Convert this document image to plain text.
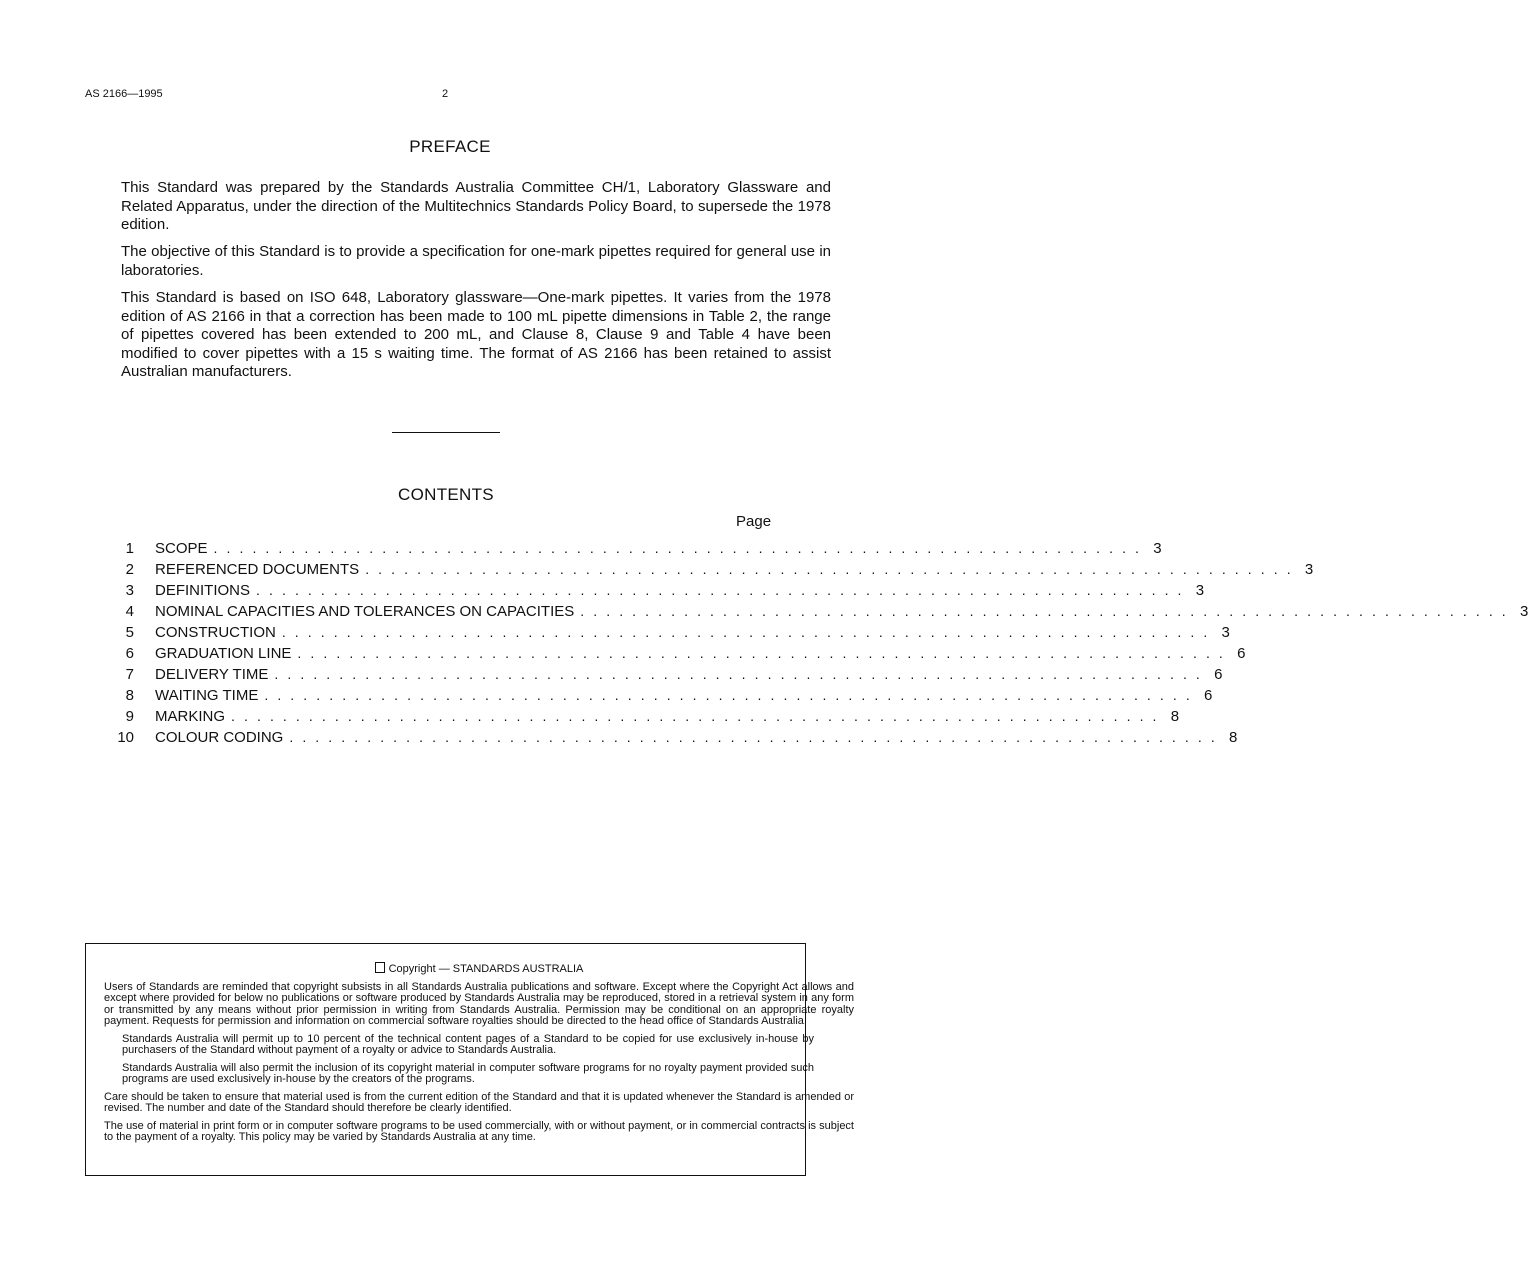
AS 2166—1995	2
PREFACE

This Standard was prepared by the Standards Australia Committee CH/1, Laboratory Glassware and Related Apparatus, under the direction of the Multitechnics Standards Policy Board, to supersede the 1978 edition.

The objective of this Standard is to provide a specification for one-mark pipettes required for general use in laboratories.

This Standard is based on ISO 648, Laboratory glassware—One-mark pipettes. It varies from the 1978 edition of AS 2166 in that a correction has been made to 100 mL pipette dimensions in Table 2, the range of pipettes covered has been extended to 200 mL, and Clause 8, Clause 9 and Table 4 have been modified to cover pipettes with a 15 s waiting time. The format of AS 2166 has been retained to assist Australian manufacturers.

CONTENTS
Page
1 SCOPE . . . . . . . . . . . . . . . . . . . . . . . . . . . . . . . . . . . . . . . . . . . . . . . . . . . . . . . . . . . . . . . . . . . . . . . . 3
2 REFERENCED DOCUMENTS . . . . . . . . . . . . . . . . . . . . . . . . . . . . . . . . . . . . . . . . . . . . . . . . . . . . . . . . . . . . . . . . . . . . . . . . 3
3 DEFINITIONS . . . . . . . . . . . . . . . . . . . . . . . . . . . . . . . . . . . . . . . . . . . . . . . . . . . . . . . . . . . . . . . . . . . . . . . . 3
4 NOMINAL CAPACITIES AND TOLERANCES ON CAPACITIES . . . . . . . . . . . . . . . . . . . . . . . . . . . . . . . . . . . . . . . . . . . . . . . . . . . . . . . . . . . . . . . . . . . . . . . . 3
5 CONSTRUCTION . . . . . . . . . . . . . . . . . . . . . . . . . . . . . . . . . . . . . . . . . . . . . . . . . . . . . . . . . . . . . . . . . . . . . . . . 3
6 GRADUATION LINE . . . . . . . . . . . . . . . . . . . . . . . . . . . . . . . . . . . . . . . . . . . . . . . . . . . . . . . . . . . . . . . . . . . . . . . . 6
7 DELIVERY TIME . . . . . . . . . . . . . . . . . . . . . . . . . . . . . . . . . . . . . . . . . . . . . . . . . . . . . . . . . . . . . . . . . . . . . . . . 6
8 WAITING TIME . . . . . . . . . . . . . . . . . . . . . . . . . . . . . . . . . . . . . . . . . . . . . . . . . . . . . . . . . . . . . . . . . . . . . . . . 6
9 MARKING . . . . . . . . . . . . . . . . . . . . . . . . . . . . . . . . . . . . . . . . . . . . . . . . . . . . . . . . . . . . . . . . . . . . . . . . 8
10 COLOUR CODING . . . . . . . . . . . . . . . . . . . . . . . . . . . . . . . . . . . . . . . . . . . . . . . . . . . . . . . . . . . . . . . . . . . . . . . . 8
Copyright — STANDARDS AUSTRALIA

Users of Standards are reminded that copyright subsists in all Standards Australia publications and software. Except where the Copyright Act allows and except where provided for below no publications or software produced by Standards Australia may be reproduced, stored in a retrieval system in any form or transmitted by any means without prior permission in writing from Standards Australia. Permission may be conditional on an appropriate royalty payment. Requests for permission and information on commercial software royalties should be directed to the head office of Standards Australia.

Standards Australia will permit up to 10 percent of the technical content pages of a Standard to be copied for use exclusively in-house by purchasers of the Standard without payment of a royalty or advice to Standards Australia.

Standards Australia will also permit the inclusion of its copyright material in computer software programs for no royalty payment provided such programs are used exclusively in-house by the creators of the programs.

Care should be taken to ensure that material used is from the current edition of the Standard and that it is updated whenever the Standard is amended or revised. The number and date of the Standard should therefore be clearly identified.

The use of material in print form or in computer software programs to be used commercially, with or without payment, or in commercial contracts is subject to the payment of a royalty. This policy may be varied by Standards Australia at any time.
